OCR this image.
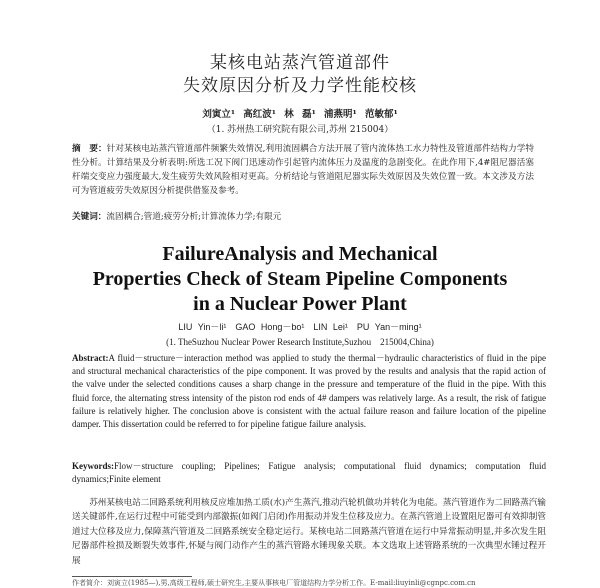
某核电站蒸汽管道部件
失效原因分析及力学性能校核
刘寅立¹ 高红波¹ 林 磊¹ 浦燕明¹ 范敏郁¹
（1. 苏州热工研究院有限公司,苏州 215004）
摘　要：针对某核电站蒸汽管道部件频繁失效情况,利用流固耦合方法开展了管内流体热工水力特性及管道部件结构力学特性分析。计算结果及分析表明:所选工况下阀门迅速动作引起管内流体压力及温度的急剧变化。在此作用下,4#阻尼器活塞杆端交变应力强度最大,发生疲劳失效风险相对更高。分析结论与管道阻尼器实际失效原因及失效位置一致。本文涉及方法可为管道疲劳失效原因分析提供借鉴及参考。
关键词：流固耦合;管道;疲劳分析;计算流体力学;有限元
FailureAnalysis and Mechanical
Properties Check of Steam Pipeline Components
in a Nuclear Power Plant
LIU Yin－li¹　GAO Hong－bo¹　LIN Lei¹　PU Yan－ming¹
(1. TheSuzhou Nuclear Power Research Institute,Suzhou　215004,China)
Abstract:A fluid－structure－interaction method was applied to study the thermal－hydraulic characteristics of fluid in the pipe and structural mechanical characteristics of the pipe component. It was proved by the results and analysis that the rapid action of the valve under the selected conditions causes a sharp change in the pressure and temperature of the fluid in the pipe. With this fluid force, the alternating stress intensity of the piston rod ends of 4# dampers was relatively large. As a result, the risk of fatigue failure is relatively higher. The conclusion above is consistent with the actual failure reason and failure location of the pipeline damper. This dissertation could be referred to for pipeline fatigue failure analysis.
Keywords:Flow－structure coupling; Pipelines; Fatigue analysis; computational fluid dynamics; computation fluid dynamics;Finite element
苏州某核电站二回路系统利用核反应堆加热工质(水)产生蒸汽,推动汽轮机做功并转化为电能。蒸汽管道作为二回路蒸汽输送关键部件,在运行过程中可能受到内部激振(如阀门启闭)作用振动并发生位移及应力。在蒸汽管道上设置阻尼器可有效抑制管道过大位移及应力,保障蒸汽管道及二回路系统安全稳定运行。某核电站二回路蒸汽管道在运行中异常振动明显,并多次发生阻尼器部件检损及断裂失效事件,怀疑与阀门动作产生的蒸汽管路水锤现象关联。本文选取上述管路系统的一次典型水锤过程开展
作者简介：刘寅立(1985—),男,高级工程师,硕士研究生,主要从事核电厂管道结构力学分析工作。E-mail:liuyinli@cgnpc.com.cn
